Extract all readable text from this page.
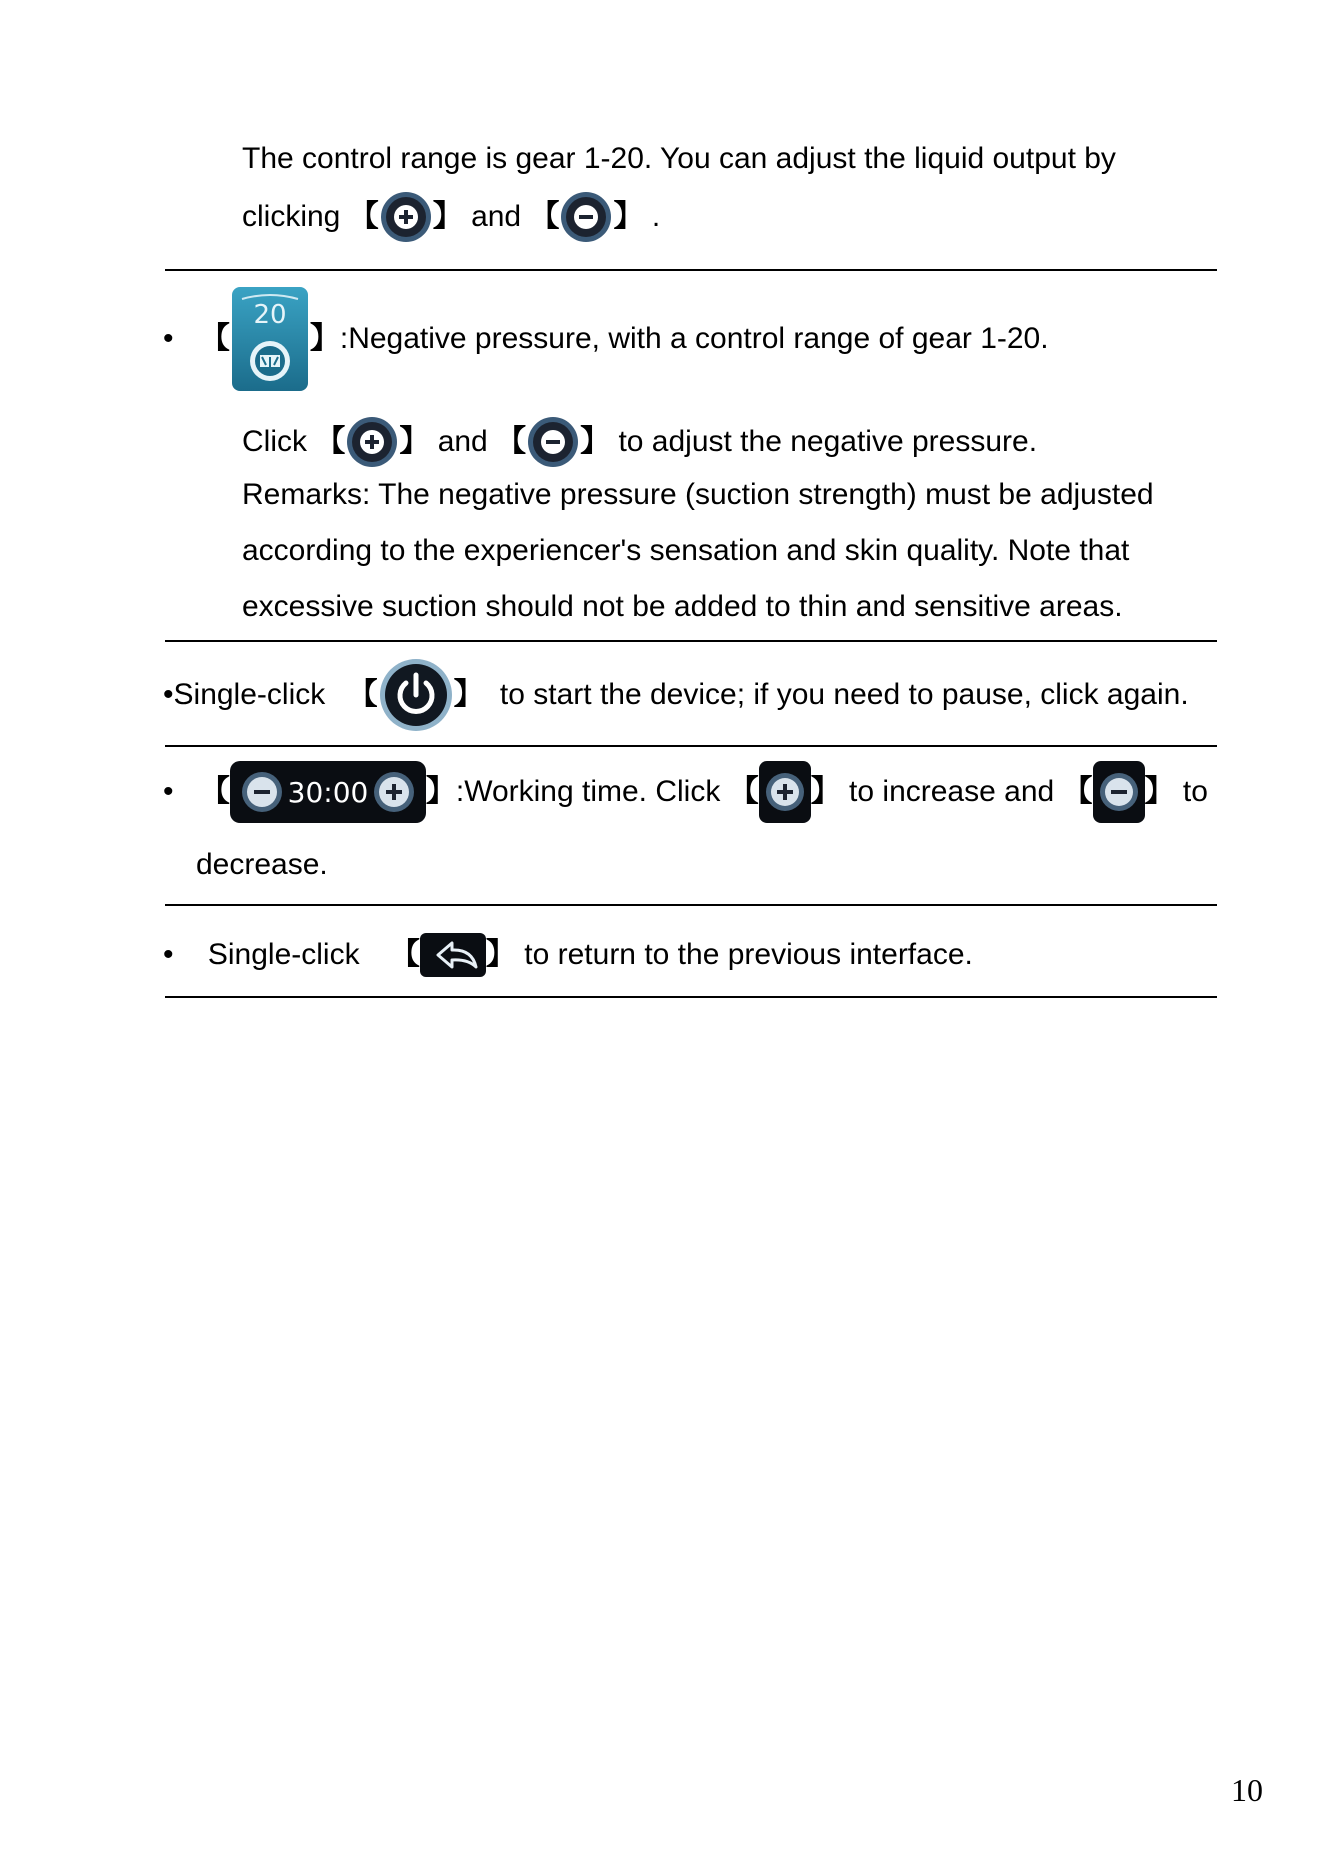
The control range is gear 1-20. You can adjust the liquid output by
clicking 【 】 and 【 】 .
• 【
20
】:Negative pressure, with a control range of gear 1-20.
Click 【 】 and 【 】 to adjust the negative pressure.
Remarks: The negative pressure (suction strength) must be adjusted
according to the experiencer's sensation and skin quality. Note that
excessive suction should not be added to thin and sensitive areas.
•Single-click 【	】 to start the device; if you need to pause, click again.
• 【 30:00 】:Working time. Click 【 】 to increase and 【 】 to
decrease.
• Single-click 【 】 to return to the previous interface.
10
